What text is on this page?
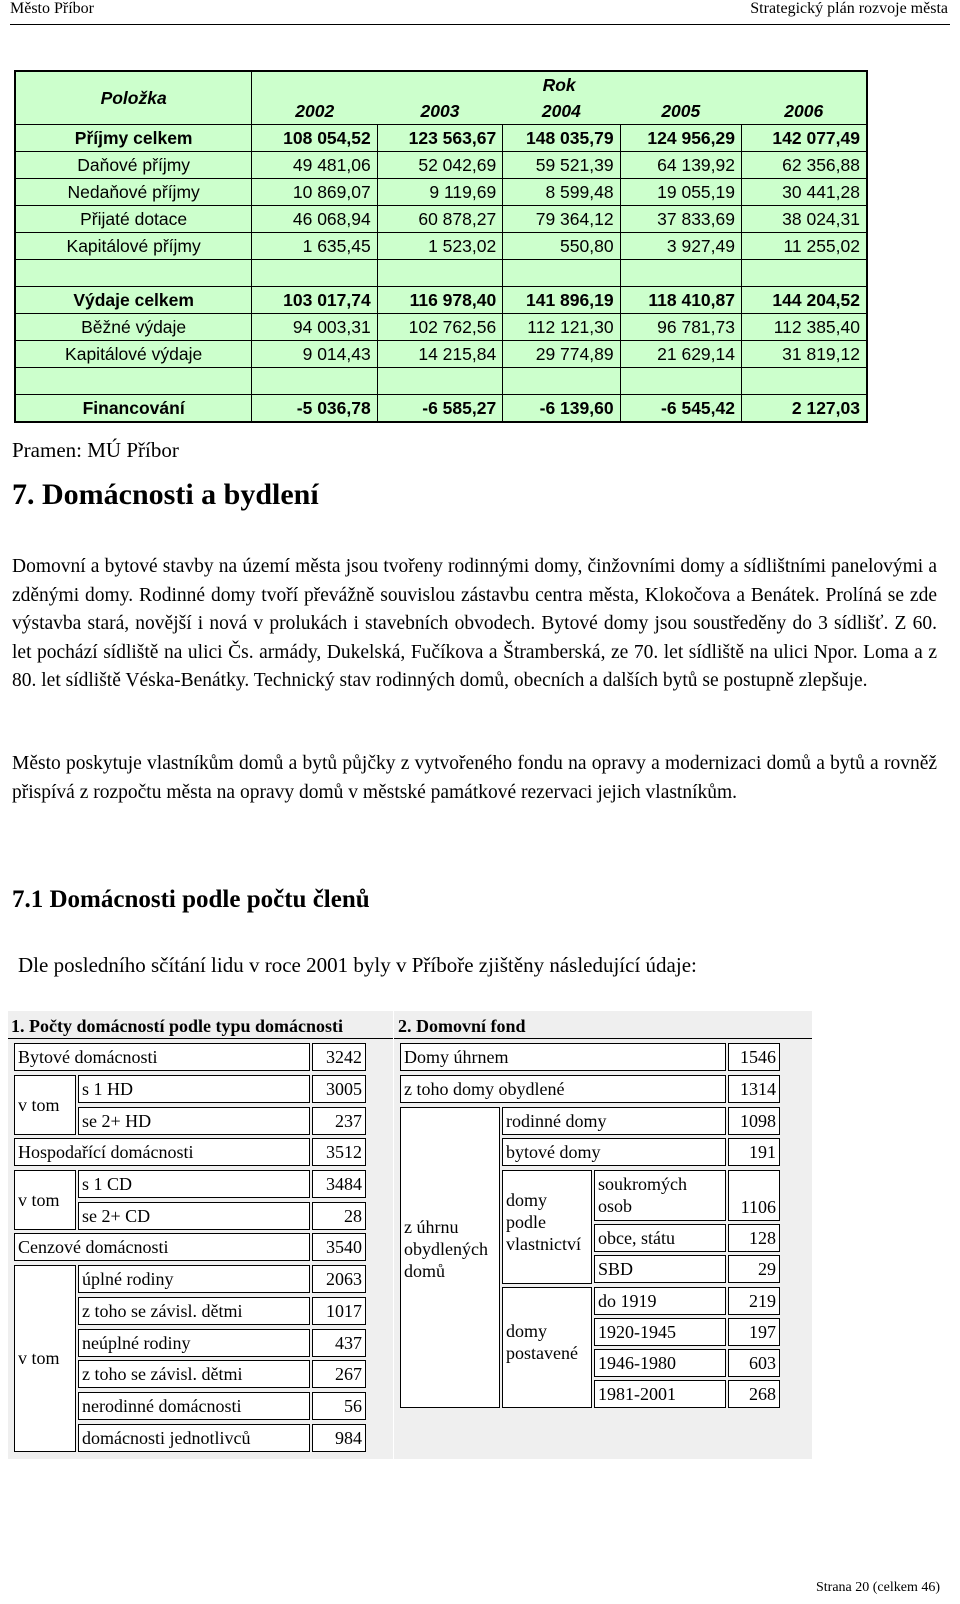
Město Příbor	Strategický plán rozvoje města
Položka	Rok				
	2002	2003	2004	2005	2006
Příjmy celkem	108 054,52	123 563,67	148 035,79	124 956,29	142 077,49
Daňové příjmy	49 481,06	52 042,69	59 521,39	64 139,92	62 356,88
Nedaňové příjmy	10 869,07	9 119,69	8 599,48	19 055,19	30 441,28
Přijaté dotace	46 068,94	60 878,27	79 364,12	37 833,69	38 024,31
Kapitálové příjmy	1 635,45	1 523,02	550,80	3 927,49	11 255,02

Výdaje celkem	103 017,74	116 978,40	141 896,19	118 410,87	144 204,52
Běžné výdaje	94 003,31	102 762,56	112 121,30	96 781,73	112 385,40
Kapitálové výdaje	9 014,43	14 215,84	29 774,89	21 629,14	31 819,12

Financování	-5 036,78	-6 585,27	-6 139,60	-6 545,42	2 127,03
Pramen: MÚ Příbor
7. Domácnosti a bydlení

Domovní a bytové stavby na území města jsou tvořeny rodinnými domy, činžovními domy a sídlištními panelovými a zděnými domy. Rodinné domy tvoří převážně souvislou zástavbu centra města, Klokočova a Benátek. Prolíná se zde výstavba stará, novější i nová v prolukách i stavebních obvodech. Bytové domy jsou soustředěny do 3 sídlišť. Z 60. let pochází sídliště na ulici Čs. armády, Dukelská, Fučíkova a Štramberská, ze 70. let sídliště na ulici Npor. Loma a z 80. let sídliště Véska-Benátky. Technický stav rodinných domů, obecních a dalších bytů se postupně zlepšuje.

Město poskytuje vlastníkům domů a bytů půjčky z vytvořeného fondu na opravy a modernizaci domů a bytů a rovněž přispívá z rozpočtu města na opravy domů v městské památkové rezervaci jejich vlastníkům.

7.1 Domácnosti podle počtu členů

Dle posledního sčítání lidu v roce 2001 byly v Příboře zjištěny následující údaje:

1. Počty domácností podle typu domácnosti
Bytové domácnosti	3242
v tom
s 1 HD	3005
se 2+ HD	237
Hospodařící domácnosti	3512
v tom
s 1 CD	3484
se 2+ CD	28
Cenzové domácnosti	3540
v tom
úplné rodiny	2063
z toho se závisl. dětmi	1017
neúplné rodiny	437
z toho se závisl. dětmi	267
nerodinné domácnosti	56
domácnosti jednotlivců	984
2. Domovní fond
Domy úhrnem	1546
z toho domy obydlené	1314
z úhrnu obydlených domů
rodinné domy	1098
bytové domy	191
domy podle vlastnictví
soukromých osob	1106
obce, státu	128
SBD	29
domy postavené
do 1919	219
1920-1945	197
1946-1980	603
1981-2001	268
Strana 20 (celkem 46)
